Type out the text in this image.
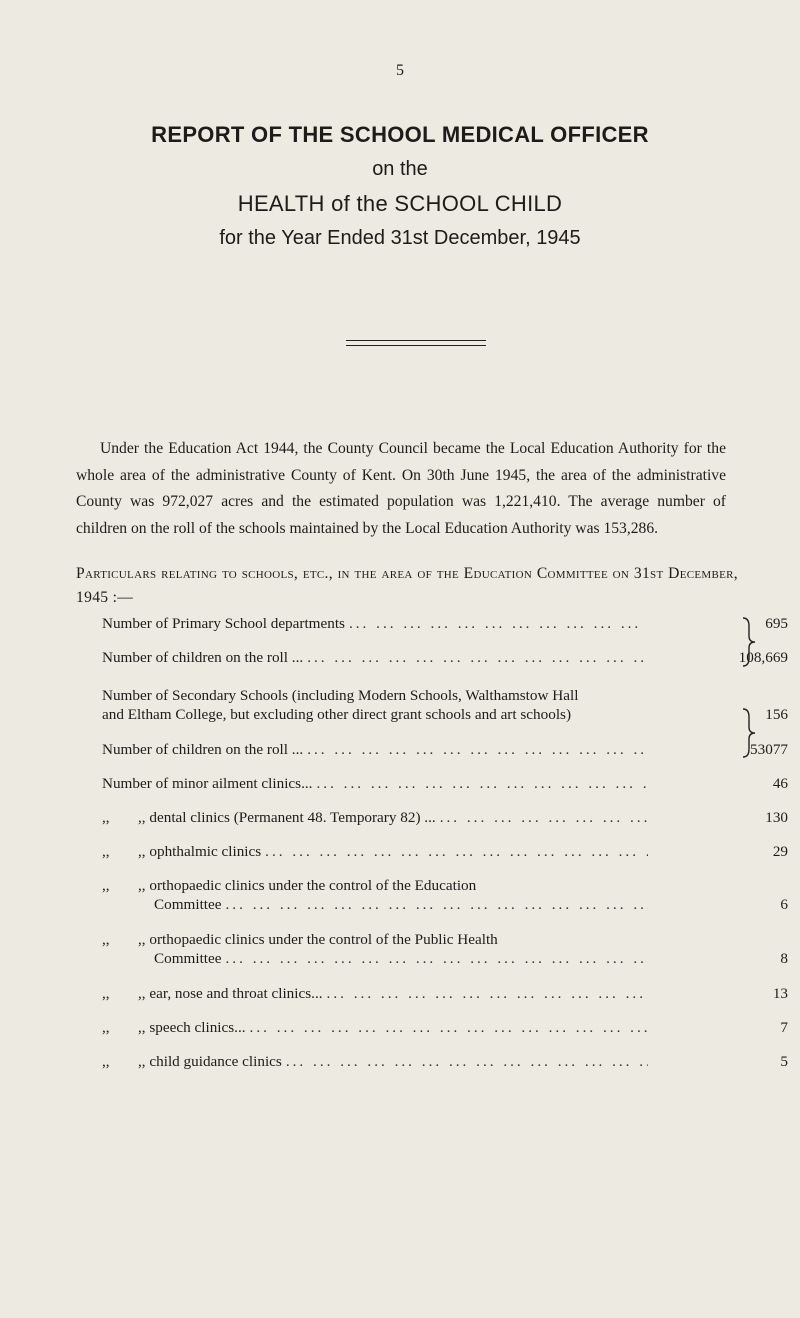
5
REPORT OF THE SCHOOL MEDICAL OFFICER
on the
HEALTH of the SCHOOL CHILD
for the Year Ended 31st December, 1945

Under the Education Act 1944, the County Council became the Local Education Authority for the whole area of the administrative County of Kent. On 30th June 1945, the area of the administrative County was 972,027 acres and the estimated population was 1,221,410. The average number of children on the roll of the schools maintained by the Local Education Authority was 153,286.

Particulars relating to schools, etc., in the area of the Education Committee on 31st December, 1945 :—
Number of Primary School departments ... .	695
Number of children on the roll ... ... .	108,669
Number of Secondary Schools (including Modern Schools, Walthamstow Hall
and Eltham College, but excluding other direct grant schools and art schools)	156
Number of children on the roll ... ... .	53077
Number of minor ailment clinics... ... .	46
,,	,, dental clinics (Permanent 48. Temporary 82) ... ... .	130
,,	,, ophthalmic clinics ... .	29
,,	,, orthopaedic clinics under the control of the Education
Committee ... .	6
,,	,, orthopaedic clinics under the control of the Public Health
Committee ... .	8
,,	,, ear, nose and throat clinics... ... .	13
,,	,, speech clinics... ... .	7
,,	,, child guidance clinics ... .	5
